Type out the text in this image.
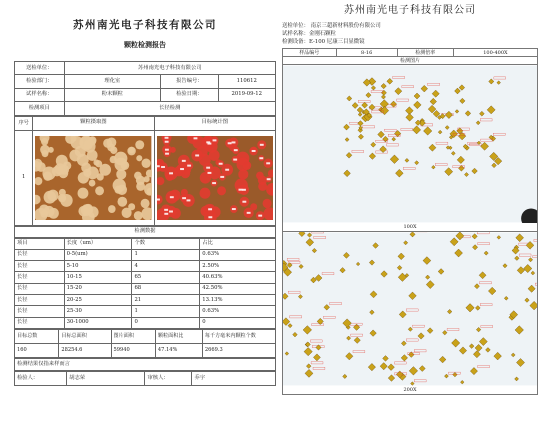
苏州南光电子科技有限公司
颗粒检测报告
送检单位：	苏州南光电子科技有限公司		
检验部门：	理化室	报告编号：	110612
试样名称：	粉末颗粒	检验日期：	2019-09-12
检测项目	长径检测		
序号	颗粒摄取图	目标统计图
1	

检测数据
项目	长度（um）	个数	占比
长径	0-5(um)	1	0.63%
长径	5-10	4	2.50%
长径	10-15	65	40.63%
长径	15-20	68	42.50%
长径	20-25	21	13.13%
长径	25-30	1	0.63%
长径	30-1000	0	0
目标总数	目标总面积	图片面积	颗粒面积比	每千方毫米内颗粒个数
160	28254.6	59940	47.14%	2669.3
检测结果仅指来样而言
检验人：	胡志荣	审核人：	乔宇
苏州南光电子科技有限公司
送检单位： 南京三超新材料股份有限公司
试样名称：金刚石颗粒
检测设备：E-100 尼康三目显微镜
样品编号	8-16	检测倍率	100-400X
检测图片
100X
200X
